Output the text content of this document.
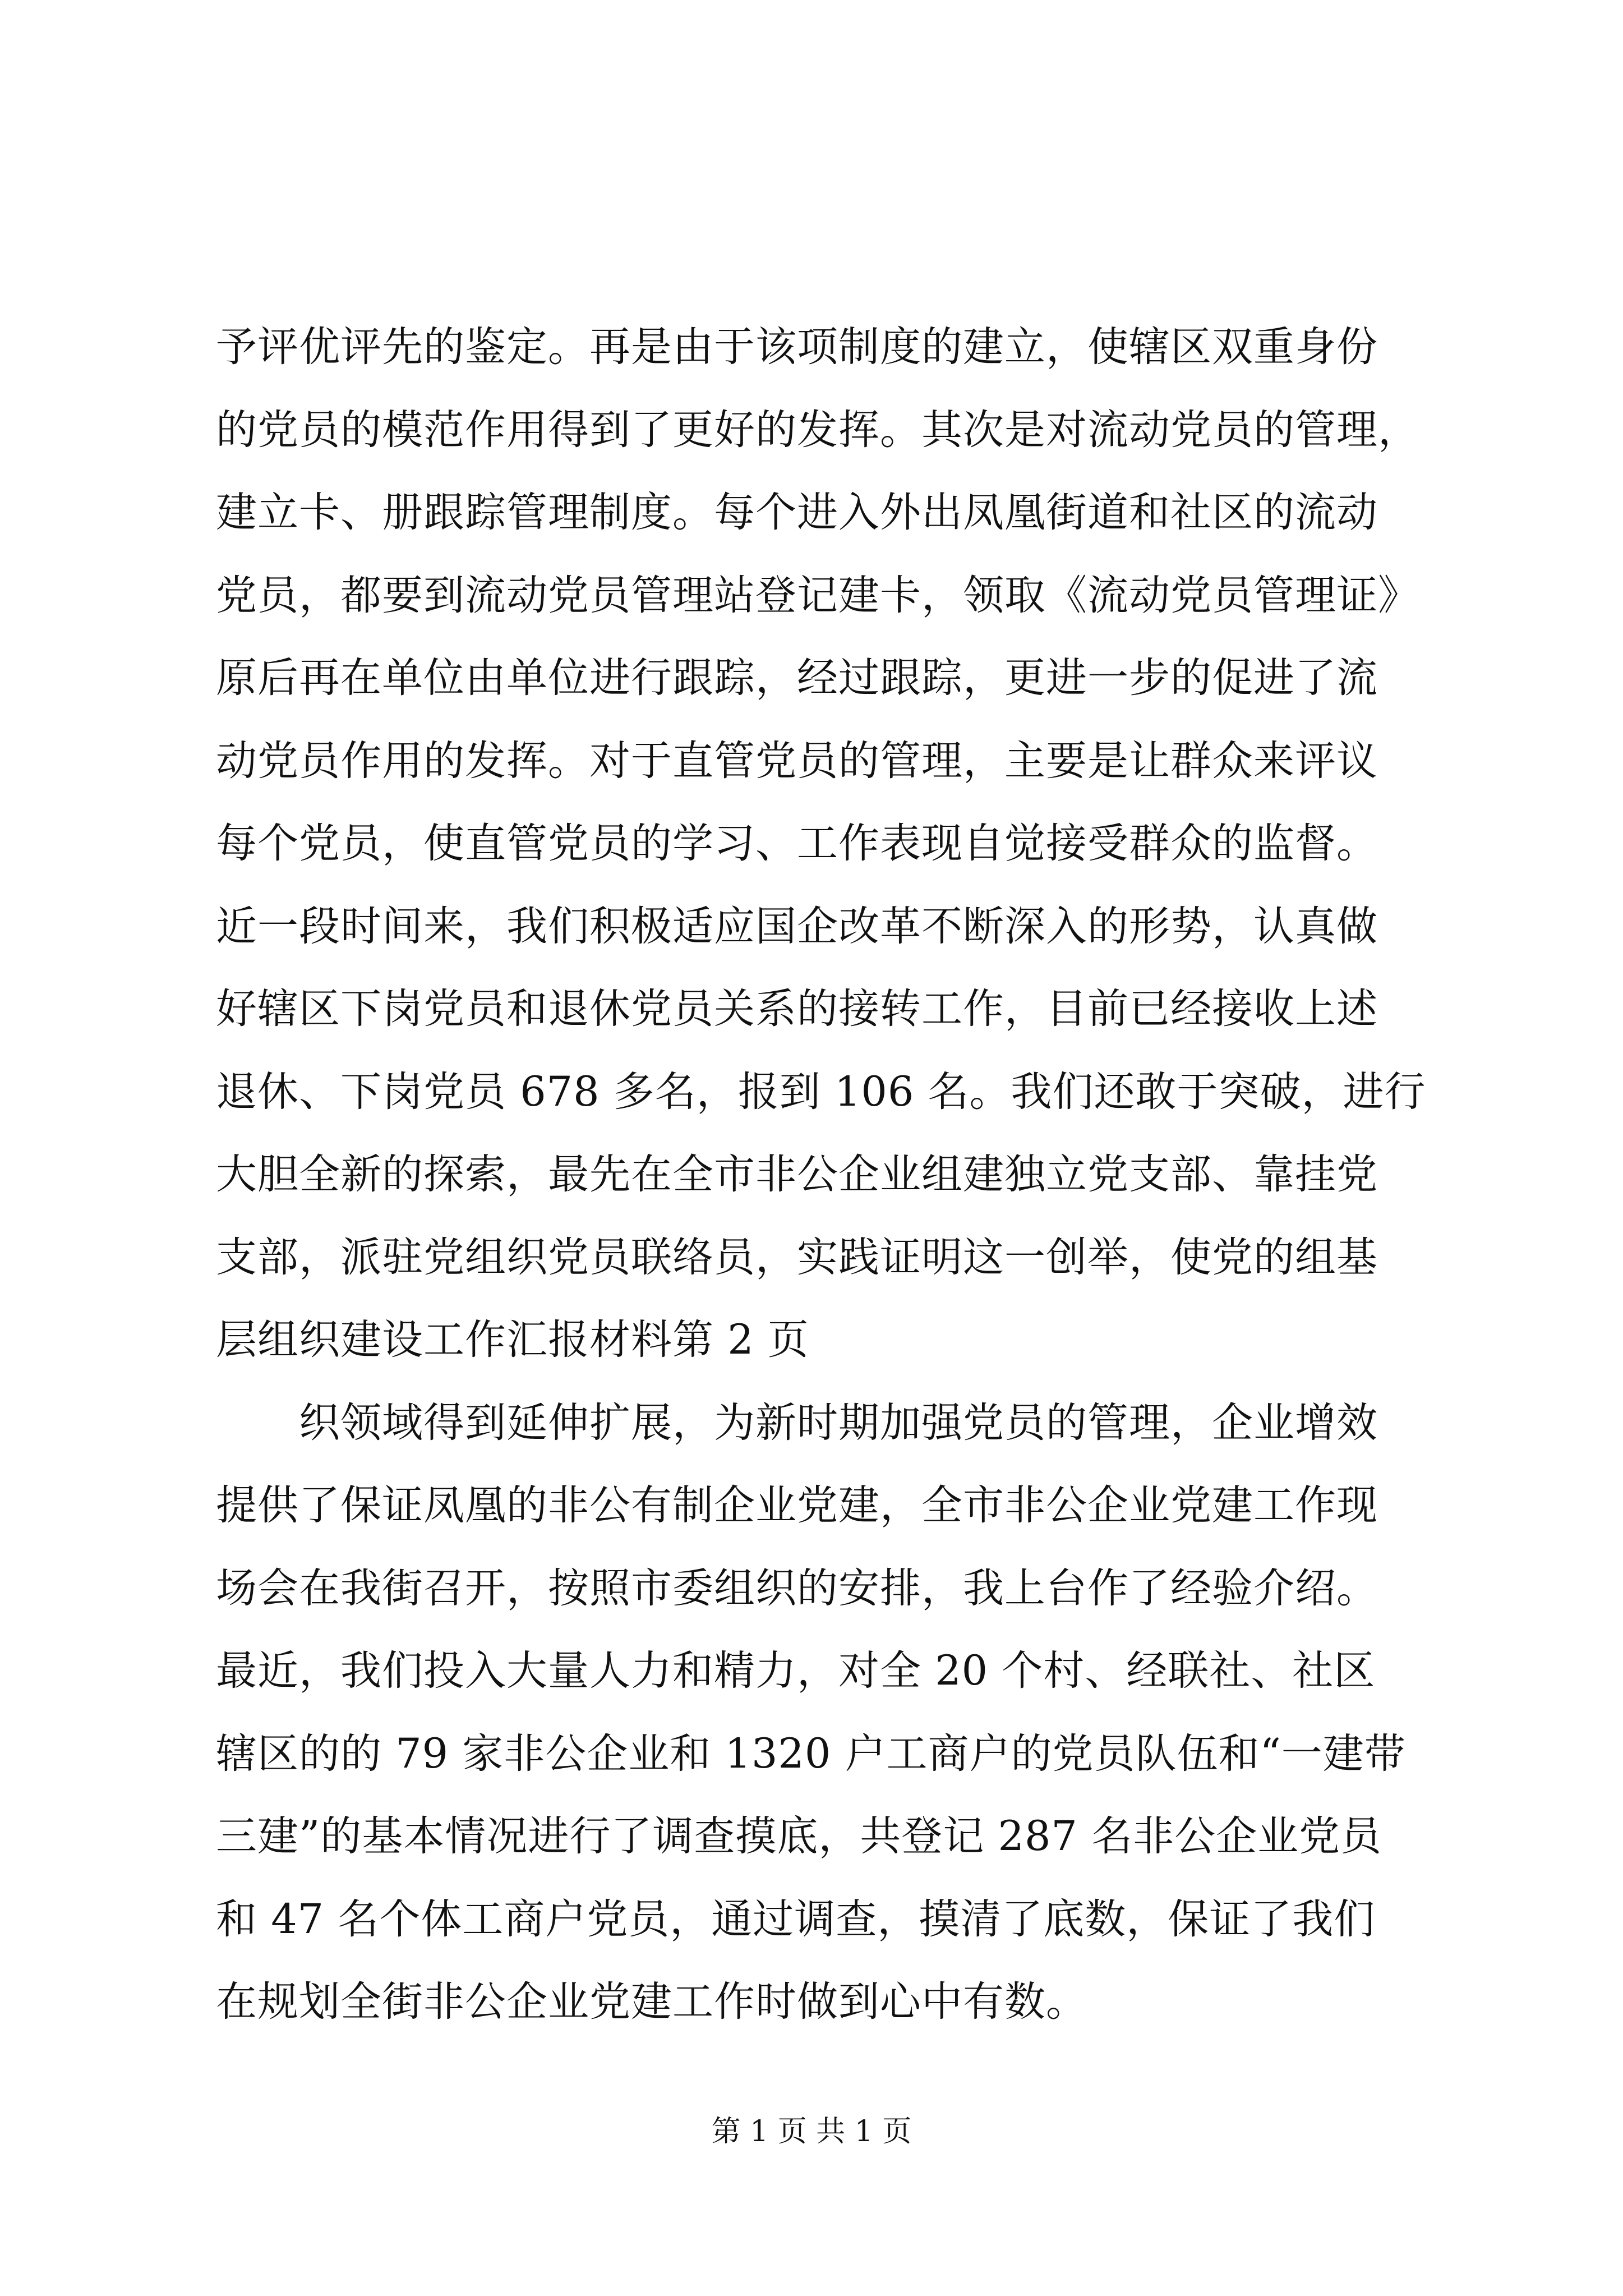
予评优评先的鉴定。再是由于该项制度的建立，使辖区双重身份
的党员的模范作用得到了更好的发挥。其次是对流动党员的管理，
建立卡、册跟踪管理制度。每个进入外出凤凰街道和社区的流动
党员，都要到流动党员管理站登记建卡，领取《流动党员管理证》
原后再在单位由单位进行跟踪，经过跟踪，更进一步的促进了流
动党员作用的发挥。对于直管党员的管理，主要是让群众来评议
每个党员，使直管党员的学习、工作表现自觉接受群众的监督。
近一段时间来，我们积极适应国企改革不断深入的形势，认真做
好辖区下岗党员和退休党员关系的接转工作，目前已经接收上述
退休、下岗党员 678 多名，报到 106 名。我们还敢于突破，进行
大胆全新的探索，最先在全市非公企业组建独立党支部、靠挂党
支部，派驻党组织党员联络员，实践证明这一创举，使党的组基
层组织建设工作汇报材料第 2 页
织领域得到延伸扩展，为新时期加强党员的管理，企业增效
提供了保证凤凰的非公有制企业党建，全市非公企业党建工作现
场会在我街召开，按照市委组织的安排，我上台作了经验介绍。
最近，我们投入大量人力和精力，对全 20 个村、经联社、社区
辖区的的 79 家非公企业和 1320 户工商户的党员队伍和“一建带
三建”的基本情况进行了调查摸底，共登记 287 名非公企业党员
和 47 名个体工商户党员，通过调查，摸清了底数，保证了我们
在规划全街非公企业党建工作时做到心中有数。
第 1 页 共 1 页
